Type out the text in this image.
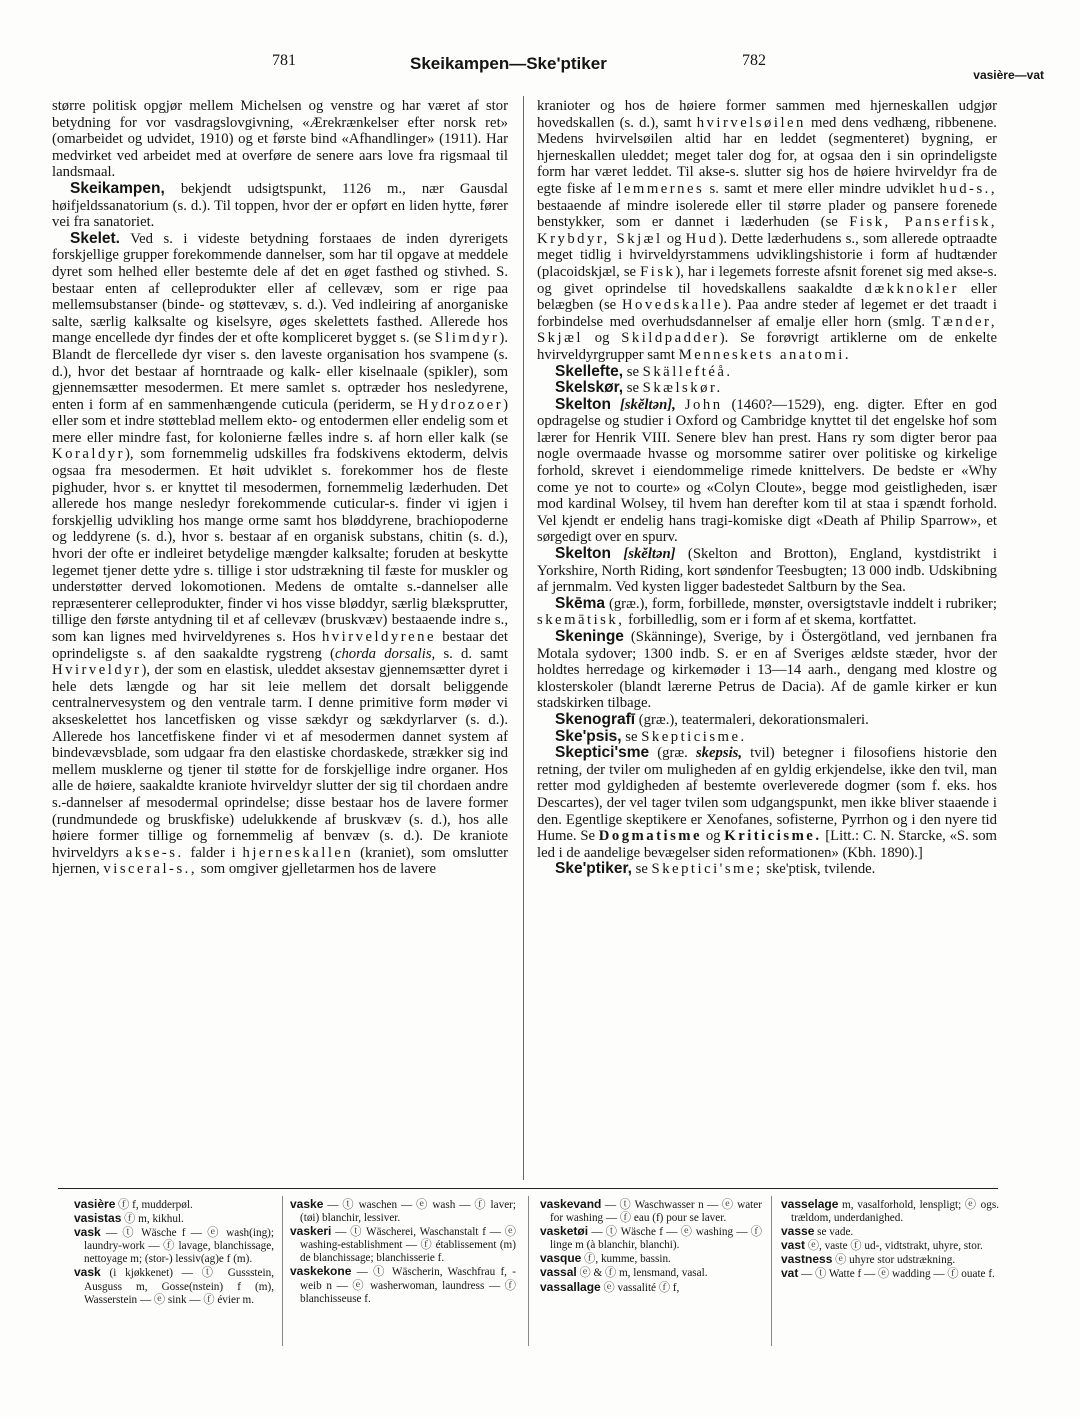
781	Skeikampen—Ske'ptiker	782
vasière—vat

større politisk opgjør mellem Michelsen og venstre og har været af stor betydning for vor vasdragslovgivning, «Ærekrænkelser efter norsk ret» (omarbeidet og udvidet, 1910) og et første bind «Afhandlinger» (1911). Har medvirket ved arbeidet med at overføre de senere aars love fra rigsmaal til landsmaal.

Skeikampen, bekjendt udsigtspunkt, 1126 m., nær Gausdal høifjeldssanatorium (s. d.). Til toppen, hvor der er opført en liden hytte, fører vei fra sanatoriet.

Skelet. Ved s. i videste betydning forstaaes de inden dyrerigets forskjellige grupper forekommende dannelser, som har til opgave at meddele dyret som helhed eller bestemte dele af det en øget fasthed og stivhed. S. bestaar enten af celleprodukter eller af cellevæv, som er rige paa mellemsubstanser (binde- og støttevæv, s. d.). Ved indleiring af anorganiske salte, særlig kalksalte og kiselsyre, øges skelettets fasthed. Allerede hos mange encellede dyr findes der et ofte kompliceret bygget s. (se Slimdyr). Blandt de flercellede dyr viser s. den laveste organisation hos svampene (s. d.), hvor det bestaar af horntraade og kalk- eller kiselnaale (spikler), som gjennemsætter mesodermen. Et mere samlet s. optræder hos nesledyrene, enten i form af en sammenhængende cuticula (periderm, se Hydrozoer) eller som et indre støtteblad mellem ekto- og entodermen eller endelig som et mere eller mindre fast, for kolonierne fælles indre s. af horn eller kalk (se Koraldyr), som fornemmelig udskilles fra fodskivens ektoderm, delvis ogsaa fra mesodermen. Et høit udviklet s. forekommer hos de fleste pighuder, hvor s. er knyttet til mesodermen, fornemmelig læderhuden. Det allerede hos mange nesledyr forekommende cuticular-s. finder vi igjen i forskjellig udvikling hos mange orme samt hos bløddyrene, brachiopoderne og leddyrene (s. d.), hvor s. bestaar af en organisk substans, chitin (s. d.), hvori der ofte er indleiret betydelige mængder kalksalte; foruden at beskytte legemet tjener dette ydre s. tillige i stor udstrækning til fæste for muskler og understøtter derved lokomotionen. Medens de omtalte s.-dannelser alle repræsenterer celleprodukter, finder vi hos visse bløddyr, særlig blæksprutter, tillige den første antydning til et af cellevæv (bruskvæv) bestaaende indre s., som kan lignes med hvirveldyrenes s. Hos hvirveldyrene bestaar det oprindeligste s. af den saakaldte rygstreng (chorda dorsalis, s. d. samt Hvirveldyr), der som en elastisk, uleddet aksestav gjennemsætter dyret i hele dets længde og har sit leie mellem det dorsalt beliggende centralnervesystem og den ventrale tarm. I denne primitive form møder vi akseskelettet hos lancetfisken og visse sækdyr og sækdyrlarver (s. d.). Allerede hos lancetfiskene finder vi et af mesodermen dannet system af bindevævsblade, som udgaar fra den elastiske chordaskede, strækker sig ind mellem musklerne og tjener til støtte for de forskjellige indre organer. Hos alle de høiere, saakaldte kraniote hvirveldyr slutter der sig til chordaen andre s.-dannelser af mesodermal oprindelse; disse bestaar hos de lavere former (rundmundede og bruskfiske) udelukkende af bruskvæv (s. d.), hos alle høiere former tillige og fornemmelig af benvæv (s. d.). De kraniote hvirveldyrs akse-s. falder i hjerneskallen (kraniet), som omslutter hjernen, visceral-s., som omgiver gjelletarmen hos de lavere

kranioter og hos de høiere former sammen med hjerneskallen udgjør hovedskallen (s. d.), samt hvirvelsøilen med dens vedhæng, ribbenene. Medens hvirvelsøilen altid har en leddet (segmenteret) bygning, er hjerneskallen uleddet; meget taler dog for, at ogsaa den i sin oprindeligste form har været leddet. Til akse-s. slutter sig hos de høiere hvirveldyr fra de egte fiske af lemmernes s. samt et mere eller mindre udviklet hud-s., bestaaende af mindre isolerede eller til større plader og pansere forenede benstykker, som er dannet i læderhuden (se Fisk, Panserfisk, Krybdyr, Skjæl og Hud). Dette læderhudens s., som allerede optraadte meget tidlig i hvirveldyrstammens udviklingshistorie i form af hudtænder (placoidskjæl, se Fisk), har i legemets forreste afsnit forenet sig med akse-s. og givet oprindelse til hovedskallens saakaldte dækknokler eller belægben (se Hovedskalle). Paa andre steder af legemet er det traadt i forbindelse med overhudsdannelser af emalje eller horn (smlg. Tænder, Skjæl og Skildpadder). Se forøvrigt artiklerne om de enkelte hvirveldyrgrupper samt Menneskets anatomi.

Skellefte, se Skälleftéå.

Skelskør, se Skælskør.

Skelton [skĕltən], John (1460?—1529), eng. digter. Efter en god opdragelse og studier i Oxford og Cambridge knyttet til det engelske hof som lærer for Henrik VIII. Senere blev han prest. Hans ry som digter beror paa nogle overmaade hvasse og morsomme satirer over politiske og kirkelige forhold, skrevet i eiendommelige rimede knittelvers. De bedste er «Why come ye not to courte» og «Colyn Cloute», begge mod geistligheden, især mod kardinal Wolsey, til hvem han derefter kom til at staa i spændt forhold. Vel kjendt er endelig hans tragi-komiske digt «Death af Philip Sparrow», et sørgedigt over en spurv.

Skelton [skĕltən] (Skelton and Brotton), England, kystdistrikt i Yorkshire, North Riding, kort søndenfor Teesbugten; 13 000 indb. Udskibning af jernmalm. Ved kysten ligger badestedet Saltburn by the Sea.

Skēma (græ.), form, forbillede, mønster, oversigtstavle inddelt i rubriker; skemātisk, forbilledlig, som er i form af et skema, kortfattet.

Skeninge (Skänninge), Sverige, by i Östergötland, ved jernbanen fra Motala sydover; 1300 indb. S. er en af Sveriges ældste stæder, hvor der holdtes herredage og kirkemøder i 13—14 aarh., dengang med klostre og klosterskoler (blandt lærerne Petrus de Dacia). Af de gamle kirker er kun stadskirken tilbage.

Skenografī (græ.), teatermaleri, dekorationsmaleri.

Ske'psis, se Skepticisme.

Skeptici'sme (græ. skepsis, tvil) betegner i filosofiens historie den retning, der tviler om muligheden af en gyldig erkjendelse, ikke den tvil, man retter mod gyldigheden af bestemte overleverede dogmer (som f. eks. hos Descartes), der vel tager tvilen som udgangspunkt, men ikke bliver staaende i den. Egentlige skeptikere er Xenofanes, sofisterne, Pyrrhon og i den nyere tid Hume. Se Dogmatisme og Kriticisme. [Litt.: C. N. Starcke, «S. som led i de aandelige bevægelser siden reformationen» (Kbh. 1890).]

Ske'ptiker, se Skeptici'sme; ske'ptisk, tvilende.

vasière ⓕ f, mudderpøl.

vasistas ⓕ m, kikhul.

vask — ⓣ Wäsche f — ⓔ wash(ing); laundry-work — ⓕ lavage, blanchissage, nettoyage m; (stor-) lessiv(ag)e f (m).

vask (i kjøkkenet) — ⓣ Gussstein, Ausguss m, Gosse(nstein) f (m), Wasserstein — ⓔ sink — ⓕ évier m.

vaske — ⓣ waschen — ⓔ wash — ⓕ laver; (tøi) blanchir, lessiver.

vaskeri — ⓣ Wäscherei, Waschanstalt f — ⓔ washing-establishment — ⓕ établissement (m) de blanchissage; blanchisserie f.

vaskekone — ⓣ Wäscherin, Waschfrau f, -weib n — ⓔ washerwoman, laundress — ⓕ blanchisseuse f.

vaskevand — ⓣ Waschwasser n — ⓔ water for washing — ⓕ eau (f) pour se laver.

vasketøi — ⓣ Wäsche f — ⓔ washing — ⓕ linge m (à blanchir, blanchi).

vasque ⓕ, kumme, bassin.

vassal ⓔ & ⓕ m, lensmand, vasal.

vassallage ⓔ vassalité ⓕ f,

vasselage m, vasalforhold, lenspligt; ⓔ ogs. trældom, underdanighed.

vasse se vade.

vast ⓔ, vaste ⓕ ud-, vidtstrakt, uhyre, stor.

vastness ⓔ uhyre stor udstrækning.

vat — ⓣ Watte f — ⓔ wadding — ⓕ ouate f.
